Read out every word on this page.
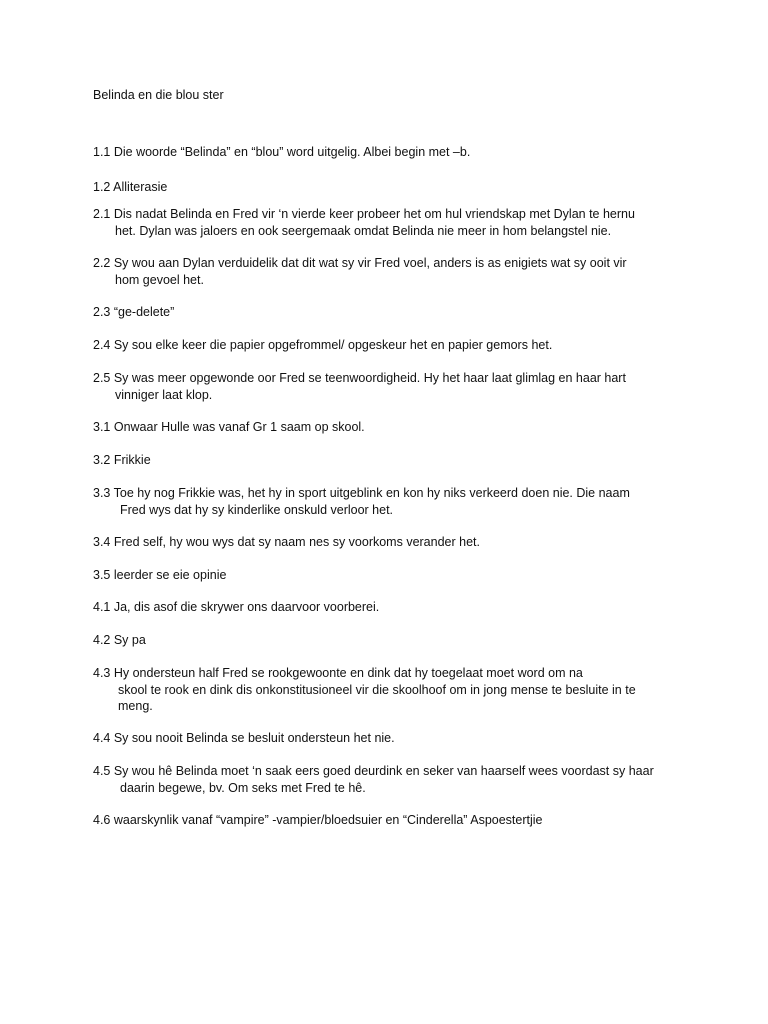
Belinda en die blou ster
1.1 Die woorde “Belinda” en “blou” word uitgelig. Albei begin met –b.
1.2 Alliterasie
2.1 Dis nadat Belinda en Fred vir ‘n vierde keer probeer het om hul vriendskap met Dylan te hernu
het. Dylan was jaloers en ook seergemaak omdat Belinda nie meer in hom belangstel nie.
2.2 Sy wou aan Dylan verduidelik dat dit wat sy vir Fred voel, anders is as enigiets wat sy ooit vir
hom gevoel het.
2.3 “ge-delete”
2.4 Sy sou elke keer die papier opgefrommel/ opgeskeur het en papier gemors het.
2.5 Sy was meer opgewonde oor Fred se teenwoordigheid. Hy het haar laat glimlag en haar hart
vinniger laat klop.
3.1 Onwaar Hulle was vanaf Gr 1 saam op skool.
3.2 Frikkie
3.3 Toe hy nog Frikkie was, het hy in sport uitgeblink en kon hy niks verkeerd doen nie. Die naam
Fred wys dat hy sy kinderlike onskuld verloor het.
3.4 Fred self, hy wou wys dat sy naam nes sy voorkoms verander het.
3.5 leerder se eie opinie
4.1 Ja, dis asof die skrywer ons daarvoor voorberei.
4.2 Sy pa
4.3 Hy ondersteun half Fred se rookgewoonte en dink dat hy toegelaat moet word om na
skool te rook en dink dis onkonstitusioneel vir die skoolhoof om in jong mense te besluite in te
meng.
4.4 Sy sou nooit Belinda se besluit ondersteun het nie.
4.5 Sy wou hê Belinda moet ‘n saak eers goed deurdink en seker van haarself wees voordast sy haar
daarin begewe, bv. Om seks met Fred te hê.
4.6 waarskynlik vanaf “vampire” -vampier/bloedsuier en “Cinderella” Aspoestertjie
